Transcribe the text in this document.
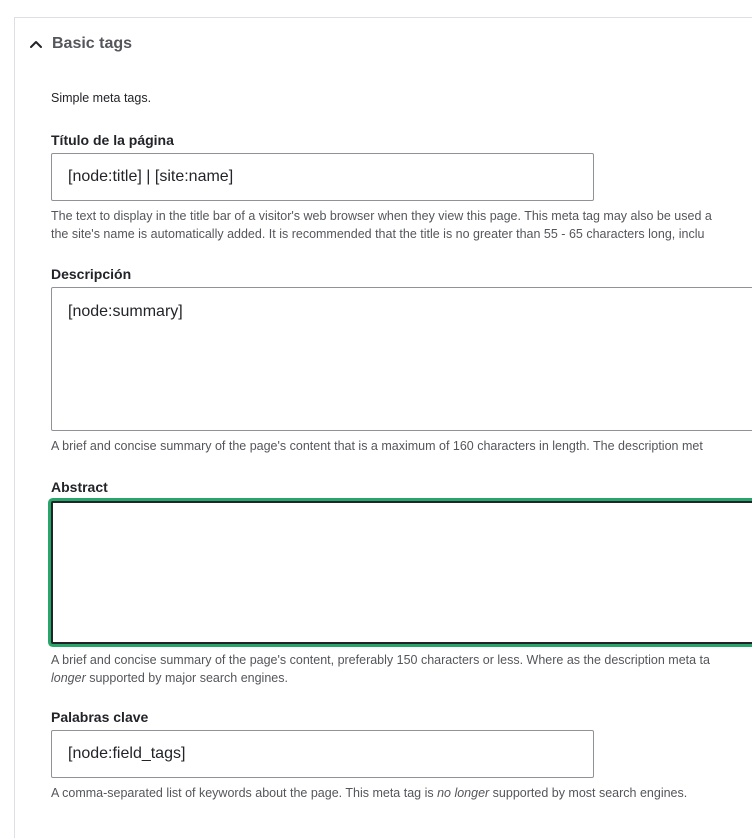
Basic tags
Simple meta tags.
Título de la página
[node:title] | [site:name]
The text to display in the title bar of a visitor's web browser when they view this page. This meta tag may also be used a
the site's name is automatically added. It is recommended that the title is no greater than 55 - 65 characters long, inclu
Descripción
[node:summary]
A brief and concise summary of the page's content that is a maximum of 160 characters in length. The description met
Abstract
A brief and concise summary of the page's content, preferably 150 characters or less. Where as the description meta ta
longer supported by major search engines.
Palabras clave
[node:field_tags]
A comma-separated list of keywords about the page. This meta tag is no longer supported by most search engines.
